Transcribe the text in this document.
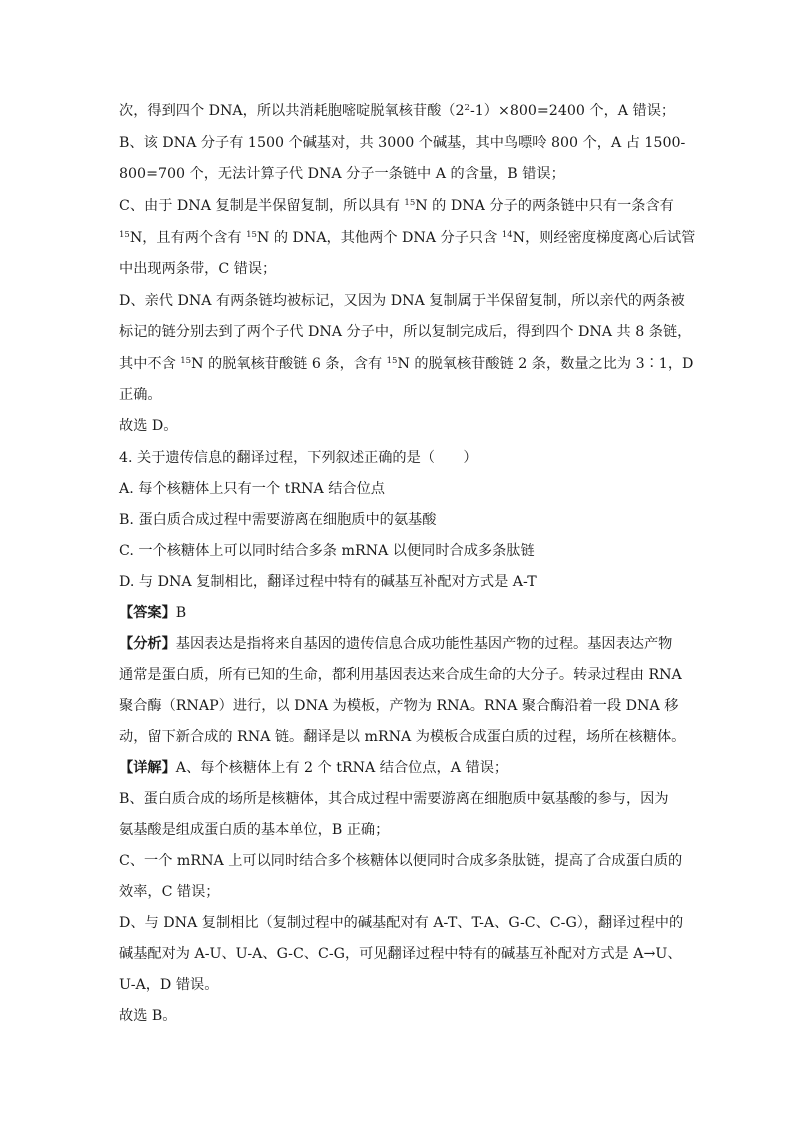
次，得到四个 DNA，所以共消耗胞嘧啶脱氧核苷酸$(2^2-1)\times 800=2400$ 个，A 错误；
B、该 DNA 分子有 1500 个碱基对，共 3000 个碱基，其中鸟嘌呤 800 个，A 占 1500-
800=700 个，无法计算子代 DNA 分子一条链中 A 的含量，B 错误；
C、由于 DNA 复制是半保留复制，所以具有 $^{15}$N 的 DNA 分子的两条链中只有一条含有
$^{15}$N，且有两个含有 $^{15}$N 的 DNA，其他两个 DNA 分子只含 $^{14}$N，则经密度梯度离心后试管
中出现两条带，C 错误；
D、亲代 DNA 有两条链均被标记，又因为 DNA 复制属于半保留复制，所以亲代的两条被
标记的链分别去到了两个子代 DNA 分子中，所以复制完成后，得到四个 DNA 共 8 条链，
其中不含 $^{15}$N 的脱氧核苷酸链 6 条，含有 $^{15}$N 的脱氧核苷酸链 2 条，数量之比为 3∶1，D
正确。
故选 D。
4. 关于遗传信息的翻译过程，下列叙述正确的是（　　）
A. 每个核糖体上只有一个 tRNA 结合位点
B. 蛋白质合成过程中需要游离在细胞质中的氨基酸
C. 一个核糖体上可以同时结合多条 mRNA 以便同时合成多条肽链
D. 与 DNA 复制相比，翻译过程中特有的碱基互补配对方式是 A-T
【答案】B
【分析】基因表达是指将来自基因的遗传信息合成功能性基因产物的过程。基因表达产物
通常是蛋白质，所有已知的生命，都利用基因表达来合成生命的大分子。转录过程由 RNA
聚合酶（RNAP）进行，以 DNA 为模板，产物为 RNA。RNA 聚合酶沿着一段 DNA 移
动，留下新合成的 RNA 链。翻译是以 mRNA 为模板合成蛋白质的过程，场所在核糖体。
【详解】A、每个核糖体上有 2 个 tRNA 结合位点，A 错误；
B、蛋白质合成的场所是核糖体，其合成过程中需要游离在细胞质中氨基酸的参与，因为
氨基酸是组成蛋白质的基本单位，B 正确；
C、一个 mRNA 上可以同时结合多个核糖体以便同时合成多条肽链，提高了合成蛋白质的
效率，C 错误；
D、与 DNA 复制相比（复制过程中的碱基配对有 A-T、T-A、G-C、C-G），翻译过程中的
碱基配对为 A-U、U-A、G-C、C-G，可见翻译过程中特有的碱基互补配对方式是 A→U、
U-A，D 错误。
故选 B。
